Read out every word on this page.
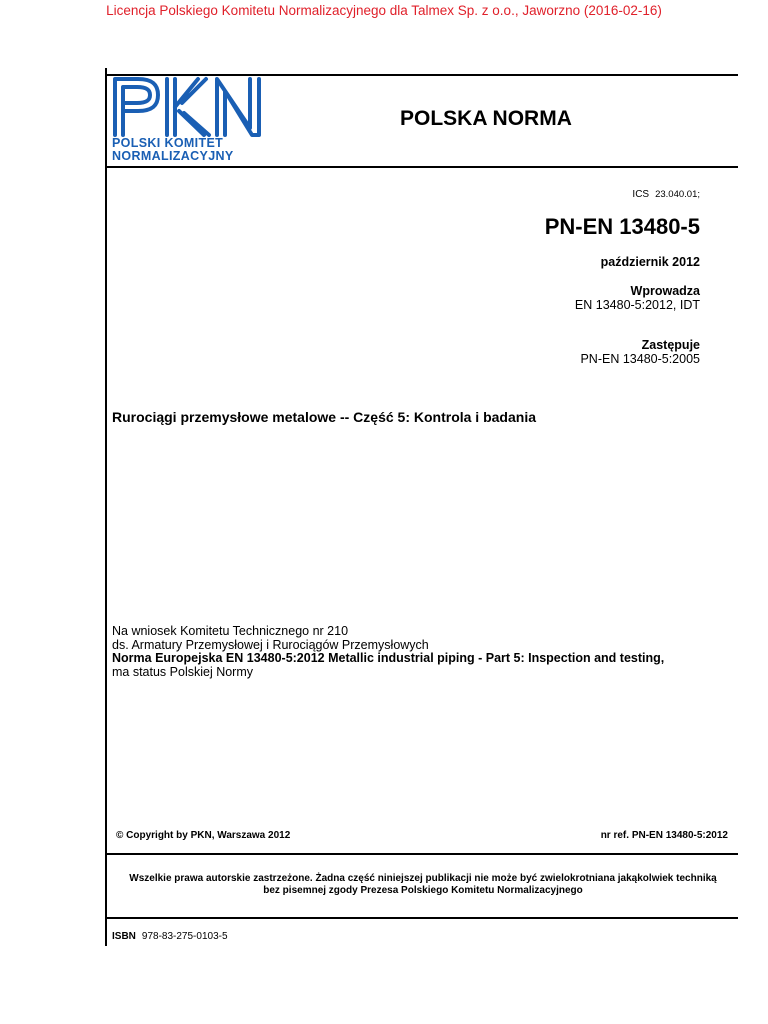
Licencja Polskiego Komitetu Normalizacyjnego dla Talmex Sp. z o.o., Jaworzno (2016-02-16)
POLSKI KOMITET
NORMALIZACYJNY
POLSKA NORMA
ICS 23.040.01;
PN-EN 13480-5
październik 2012
Wprowadza
EN 13480-5:2012, IDT
Zastępuje
PN-EN 13480-5:2005
Rurociągi przemysłowe metalowe -- Część 5: Kontrola i badania
Na wniosek Komitetu Technicznego nr 210
ds. Armatury Przemysłowej i Rurociągów Przemysłowych
Norma Europejska EN 13480-5:2012 Metallic industrial piping - Part 5: Inspection and testing,
ma status Polskiej Normy
© Copyright by PKN, Warszawa 2012	nr ref. PN-EN 13480-5:2012
Wszelkie prawa autorskie zastrzeżone. Żadna część niniejszej publikacji nie może być zwielokrotniana jakąkolwiek techniką
bez pisemnej zgody Prezesa Polskiego Komitetu Normalizacyjnego
ISBN 978-83-275-0103-5
